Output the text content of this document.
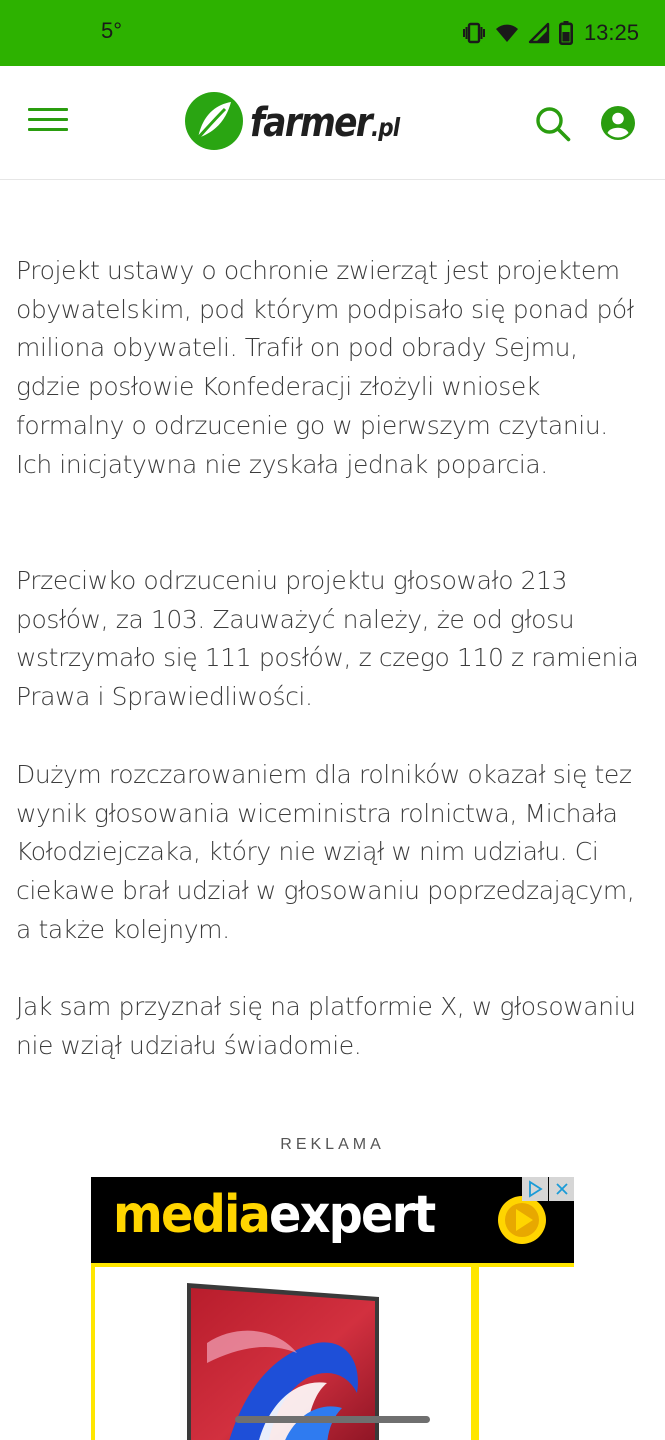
5°	13:25
farmer.pl

Projekt ustawy o ochronie zwierząt jest projektem obywatelskim, pod którym podpisało się ponad pół miliona obywateli. Trafił on pod obrady Sejmu, gdzie posłowie Konfederacji złożyli wniosek formalny o odrzucenie go w pierwszym czytaniu. Ich inicjatywna nie zyskała jednak poparcia.

Przeciwko odrzuceniu projektu głosowało 213 posłów, za 103. Zauważyć należy, że od głosu wstrzymało się 111 posłów, z czego 110 z ramienia Prawa i Sprawiedliwości.

Dużym rozczarowaniem dla rolników okazał się tez wynik głosowania wiceministra rolnictwa, Michała Kołodziejczaka, który nie wziął w nim udziału. Ci ciekawe brał udział w głosowaniu poprzedzającym, a także kolejnym.

Jak sam przyznał się na platformie X, w głosowaniu nie wziął udziału świadomie.

REKLAMA
mediaexpert
